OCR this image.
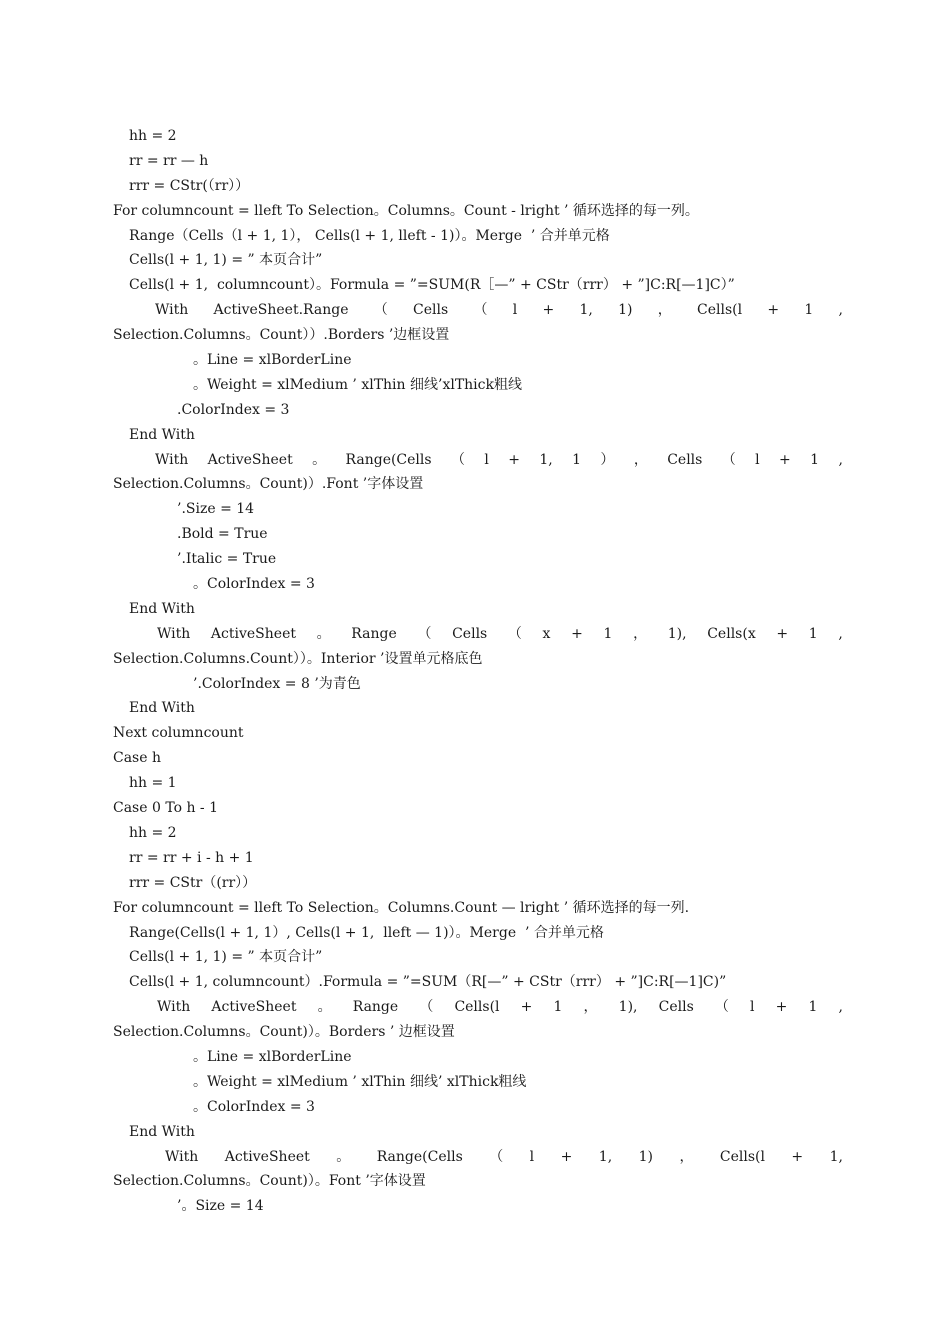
hh = 2
rr = rr — h
rrr = CStr(（rr））
For columncount = lleft To Selection。Columns。Count - lright ’ 循环选择的每一列。
Range（Cells（l + 1, 1）， Cells(l + 1, lleft - 1)）。Merge  ’ 合并单元格
Cells(l + 1, 1) = ” 本页合计”
Cells(l + 1,  columncount）。Formula = ”=SUM(R［—” + CStr（rrr） + ”]C:R[—1]C）”
With ActiveSheet.Range （ Cells （ l + 1, 1) ， Cells(l + 1 ,
Selection.Columns。Count））.Borders ’边框设置
。Line = xlBorderLine
。Weight = xlMedium ’ xlThin 细线’xlThick粗线
.ColorIndex = 3
End With
With ActiveSheet 。 Range(Cells （ l + 1, 1 ） ， Cells （ l + 1 ,
Selection.Columns。Count)）.Font ’字体设置
’.Size = 14
.Bold = True
’.Italic = True
。ColorIndex = 3
End With
With ActiveSheet 。 Range （ Cells （ x + 1 ， 1), Cells(x + 1 ,
Selection.Columns.Count））。Interior ’设置单元格底色
’.ColorIndex = 8 ’为青色
End With
Next columncount
Case h
hh = 1
Case 0 To h - 1
hh = 2
rr = rr + i - h + 1
rrr = CStr（(rr））
For columncount = lleft To Selection。Columns.Count — lright ’ 循环选择的每一列.
Range(Cells(l + 1, 1）, Cells(l + 1,  lleft — 1)）。Merge  ’ 合并单元格
Cells(l + 1, 1) = ” 本页合计”
Cells(l + 1, columncount）.Formula = ”=SUM（R[—” + CStr（rrr） + ”]C:R[—1]C)”
With ActiveSheet 。 Range （ Cells(l + 1 ， 1), Cells （ l + 1 ,
Selection.Columns。Count)）。Borders ’ 边框设置
。Line = xlBorderLine
。Weight = xlMedium ’ xlThin 细线’ xlThick粗线
。ColorIndex = 3
End With
With ActiveSheet 。 Range(Cells （ l + 1, 1) ， Cells(l + 1,
Selection.Columns。Count)）。Font ’字体设置
’。Size = 14
